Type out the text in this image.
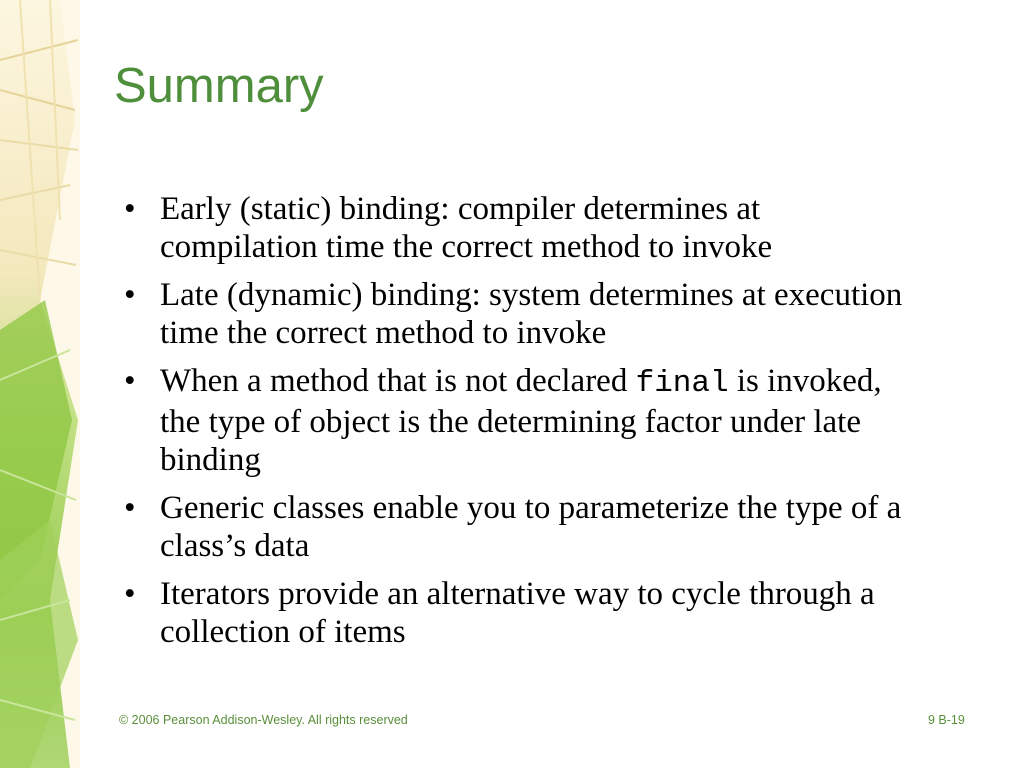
Summary
• Early (static) binding: compiler determines at compilation time the correct method to invoke
• Late (dynamic) binding: system determines at execution time the correct method to invoke
• When a method that is not declared final is invoked, the type of object is the determining factor under late binding
• Generic classes enable you to parameterize the type of a class’s data
• Iterators provide an alternative way to cycle through a collection of items
© 2006 Pearson Addison-Wesley. All rights reserved	9 B-19
